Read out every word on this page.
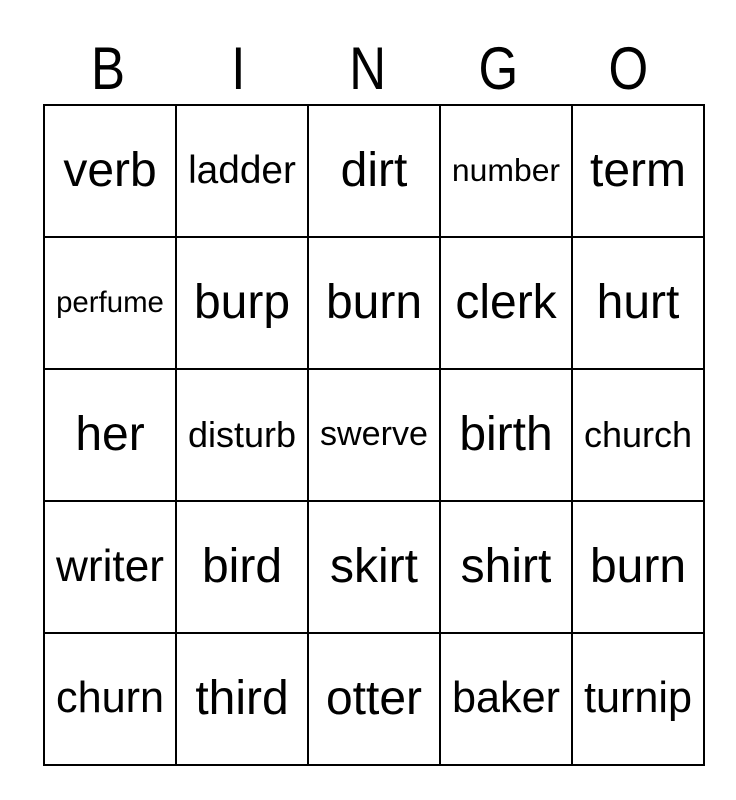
B I N G O
verb	ladder	dirt	number	term
perfume	burp	burn	clerk	hurt
her	disturb	swerve	birth	church
writer	bird	skirt	shirt	burn
churn	third	otter	baker	turnip
